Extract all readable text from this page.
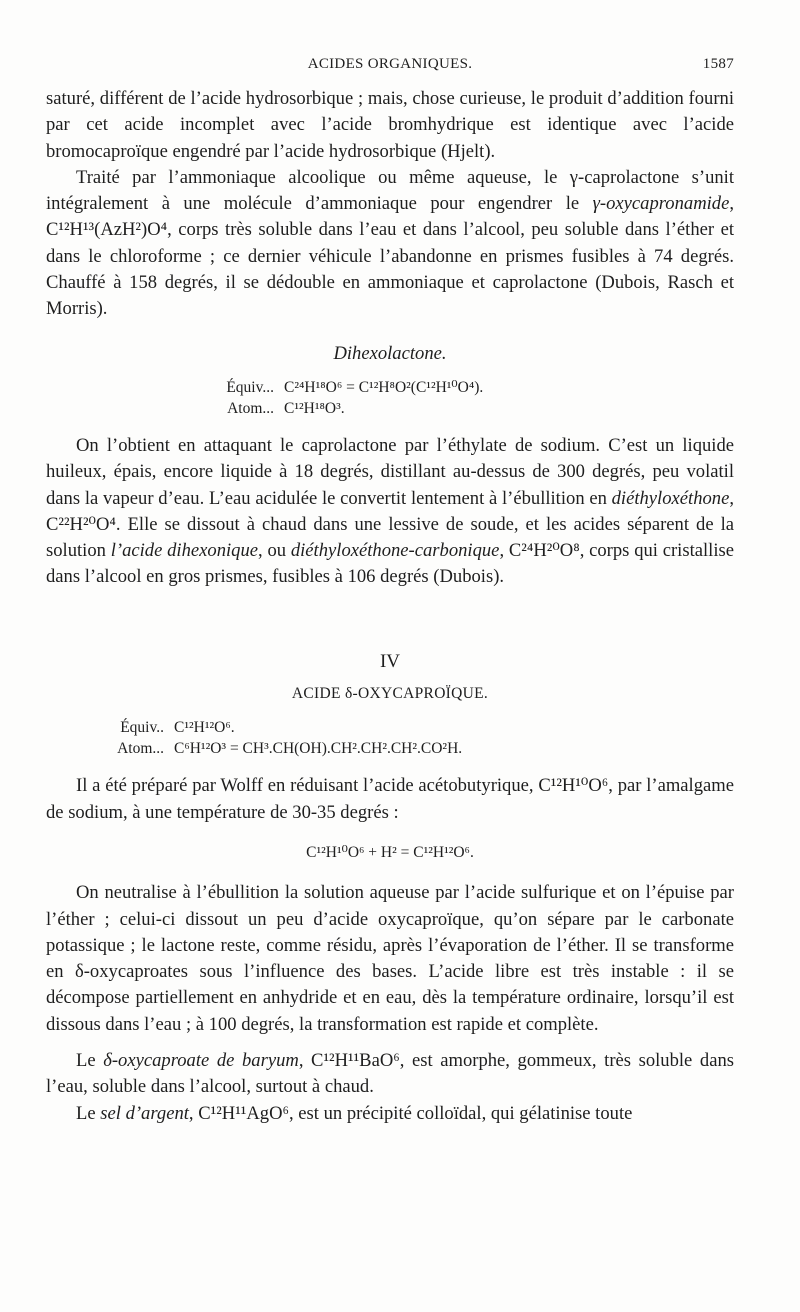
ACIDES ORGANIQUES.	1587

saturé, différent de l’acide hydrosorbique ; mais, chose curieuse, le produit d’addition fourni par cet acide incomplet avec l’acide bromhydrique est identique avec l’acide bromocaproïque engendré par l’acide hydrosorbique (Hjelt).

Traité par l’ammoniaque alcoolique ou même aqueuse, le γ-caprolactone s’unit intégralement à une molécule d’ammoniaque pour engendrer le γ-oxycapronamide, C¹²H¹³(AzH²)O⁴, corps très soluble dans l’eau et dans l’alcool, peu soluble dans l’éther et dans le chloroforme ; ce dernier véhicule l’abandonne en prismes fusibles à 74 degrés. Chauffé à 158 degrés, il se dédouble en ammoniaque et caprolactone (Dubois, Rasch et Morris).

Dihexolactone.
Équiv... C²⁴H¹⁸O⁶ = C¹²H⁸O²(C¹²H¹⁰O⁴).
Atom... C¹²H¹⁸O³.

On l’obtient en attaquant le caprolactone par l’éthylate de sodium. C’est un liquide huileux, épais, encore liquide à 18 degrés, distillant au-dessus de 300 degrés, peu volatil dans la vapeur d’eau. L’eau acidulée le convertit lentement à l’ébullition en diéthyloxéthone, C²²H²⁰O⁴. Elle se dissout à chaud dans une lessive de soude, et les acides séparent de la solution l’acide dihexonique, ou diéthyloxéthone-carbonique, C²⁴H²⁰O⁸, corps qui cristallise dans l’alcool en gros prismes, fusibles à 106 degrés (Dubois).

IV
ACIDE δ-OXYCAPROÏQUE.
Équiv.. C¹²H¹²O⁶.
Atom... C⁶H¹²O³ = CH³.CH(OH).CH².CH².CH².CO²H.

Il a été préparé par Wolff en réduisant l’acide acétobutyrique, C¹²H¹⁰O⁶, par l’amalgame de sodium, à une température de 30-35 degrés :

C¹²H¹⁰O⁶ + H² = C¹²H¹²O⁶.

On neutralise à l’ébullition la solution aqueuse par l’acide sulfurique et on l’épuise par l’éther ; celui-ci dissout un peu d’acide oxycaproïque, qu’on sépare par le carbonate potassique ; le lactone reste, comme résidu, après l’évaporation de l’éther. Il se transforme en δ-oxycaproates sous l’influence des bases. L’acide libre est très instable : il se décompose partiellement en anhydride et en eau, dès la température ordinaire, lorsqu’il est dissous dans l’eau ; à 100 degrés, la transformation est rapide et complète.

Le δ-oxycaproate de baryum, C¹²H¹¹BaO⁶, est amorphe, gommeux, très soluble dans l’eau, soluble dans l’alcool, surtout à chaud.

Le sel d’argent, C¹²H¹¹AgO⁶, est un précipité colloïdal, qui gélatinise toute
